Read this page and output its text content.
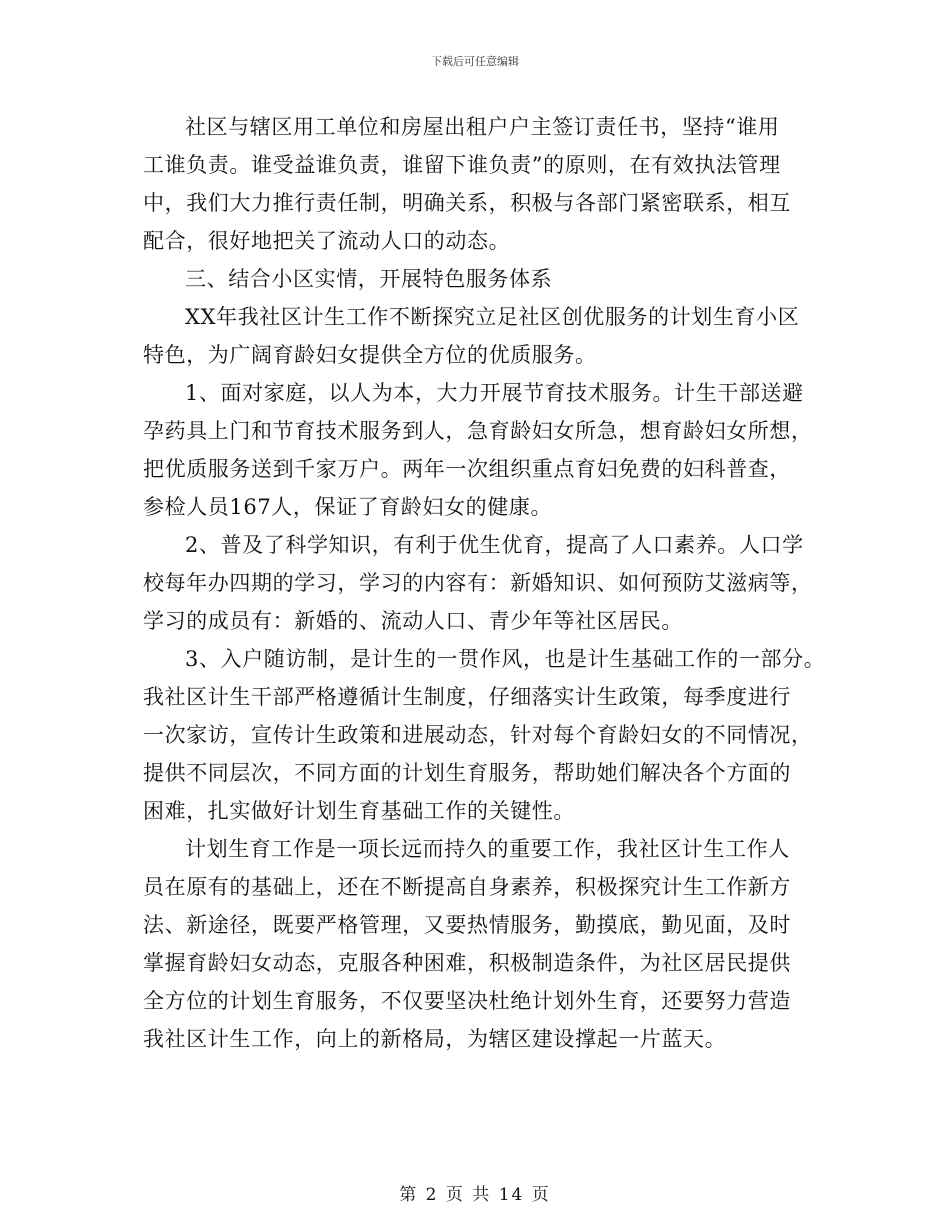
下载后可任意编辑
社区与辖区用工单位和房屋出租户户主签订责任书，坚持“谁用
工谁负责。谁受益谁负责，谁留下谁负责”的原则，在有效执法管理
中，我们大力推行责任制，明确关系，积极与各部门紧密联系，相互
配合，很好地把关了流动人口的动态。
三、结合小区实情，开展特色服务体系
XX年我社区计生工作不断探究立足社区创优服务的计划生育小区
特色，为广阔育龄妇女提供全方位的优质服务。
1、面对家庭，以人为本，大力开展节育技术服务。计生干部送避
孕药具上门和节育技术服务到人，急育龄妇女所急，想育龄妇女所想，
把优质服务送到千家万户。两年一次组织重点育妇免费的妇科普查，
参检人员167人，保证了育龄妇女的健康。
2、普及了科学知识，有利于优生优育，提高了人口素养。人口学
校每年办四期的学习，学习的内容有：新婚知识、如何预防艾滋病等，
学习的成员有：新婚的、流动人口、青少年等社区居民。
3、入户随访制，是计生的一贯作风，也是计生基础工作的一部分。
我社区计生干部严格遵循计生制度，仔细落实计生政策，每季度进行
一次家访，宣传计生政策和进展动态，针对每个育龄妇女的不同情况，
提供不同层次，不同方面的计划生育服务，帮助她们解决各个方面的
困难，扎实做好计划生育基础工作的关键性。
计划生育工作是一项长远而持久的重要工作，我社区计生工作人
员在原有的基础上，还在不断提高自身素养，积极探究计生工作新方
法、新途径，既要严格管理，又要热情服务，勤摸底，勤见面，及时
掌握育龄妇女动态，克服各种困难，积极制造条件，为社区居民提供
全方位的计划生育服务，不仅要坚决杜绝计划外生育，还要努力营造
我社区计生工作，向上的新格局，为辖区建设撑起一片蓝天。
第 2 页 共 14 页
